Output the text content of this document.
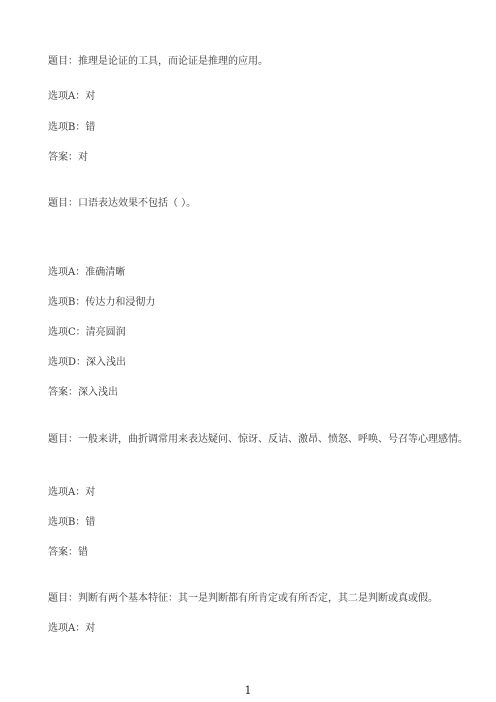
题目：推理是论证的工具，而论证是推理的应用。
选项A：对
选项B：错
答案：对
题目：口语表达效果不包括（ ）。
选项A：准确清晰
选项B：传达力和浸彻力
选项C：清亮圆润
选项D：深入浅出
答案：深入浅出
题目：一般来讲，曲折调常用来表达疑问、惊讶、反诘、激昂、愤怒、呼唤、号召等心理感情。
选项A：对
选项B：错
答案：错
题目：判断有两个基本特征：其一是判断都有所肯定或有所否定，其二是判断或真或假。
选项A：对
1
